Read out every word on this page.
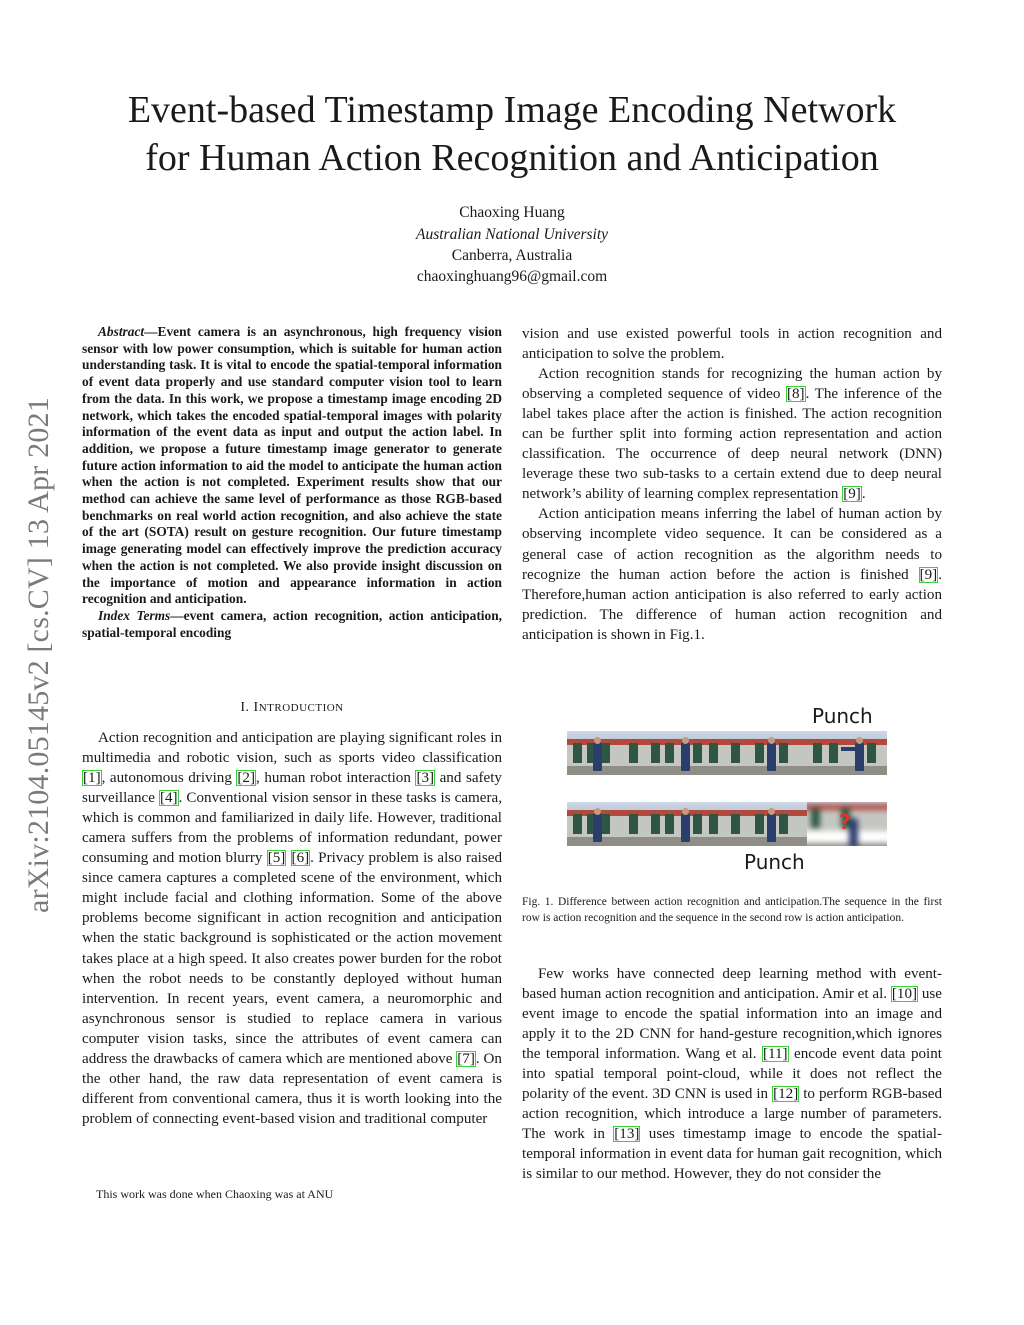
Event-based Timestamp Image Encoding Network
for Human Action Recognition and Anticipation
Chaoxing Huang
Australian National University
Canberra, Australia
chaoxinghuang96@gmail.com
arXiv:2104.05145v2 [cs.CV] 13 Apr 2021

Abstract—Event camera is an asynchronous, high frequency vision sensor with low power consumption, which is suitable for human action understanding task. It is vital to encode the spatial-temporal information of event data properly and use standard computer vision tool to learn from the data. In this work, we propose a timestamp image encoding 2D network, which takes the encoded spatial-temporal images with polarity information of the event data as input and output the action label. In addition, we propose a future timestamp image generator to generate future action information to aid the model to anticipate the human action when the action is not completed. Experiment results show that our method can achieve the same level of performance as those RGB-based benchmarks on real world action recognition, and also achieve the state of the art (SOTA) result on gesture recognition. Our future timestamp image generating model can effectively improve the prediction accuracy when the action is not completed. We also provide insight discussion on the importance of motion and appearance information in action recognition and anticipation.

Index Terms—event camera, action recognition, action anticipation, spatial-temporal encoding

I. INTRODUCTION

Action recognition and anticipation are playing significant roles in multimedia and robotic vision, such as sports video classification [1], autonomous driving [2], human robot interaction [3] and safety surveillance [4]. Conventional vision sensor in these tasks is camera, which is common and familiarized in daily life. However, traditional camera suffers from the problems of information redundant, power consuming and motion blurry [5] [6]. Privacy problem is also raised since camera captures a completed scene of the environment, which might include facial and clothing information. Some of the above problems become significant in action recognition and anticipation when the static background is sophisticated or the action movement takes place at a high speed. It also creates power burden for the robot when the robot needs to be constantly deployed without human intervention. In recent years, event camera, a neuromorphic and asynchronous sensor is studied to replace camera in various computer vision tasks, since the attributes of event camera can address the drawbacks of camera which are mentioned above [7]. On the other hand, the raw data representation of event camera is different from conventional camera, thus it is worth looking into the problem of connecting event-based vision and traditional computer

This work was done when Chaoxing was at ANU

vision and use existed powerful tools in action recognition and anticipation to solve the problem.

Action recognition stands for recognizing the human action by observing a completed sequence of video [8]. The inference of the label takes place after the action is finished. The action recognition can be further split into forming action representation and action classification. The occurrence of deep neural network (DNN) leverage these two sub-tasks to a certain extend due to deep neural network’s ability of learning complex representation [9].

Action anticipation means inferring the label of human action by observing incomplete video sequence. It can be considered as a general case of action recognition as the algorithm needs to recognize the human action before the action is finished [9]. Therefore,human action anticipation is also referred to early action prediction. The difference of human action recognition and anticipation is shown in Fig.1.

Punch
?
Punch
Fig. 1. Difference between action recognition and anticipation.The sequence in the first row is action recognition and the sequence in the second row is action anticipation.

Few works have connected deep learning method with event-based human action recognition and anticipation. Amir et al. [10] use event image to encode the spatial information into an image and apply it to the 2D CNN for hand-gesture recognition,which ignores the temporal information. Wang et al. [11] encode event data point into spatial temporal point-cloud, while it does not reflect the polarity of the event. 3D CNN is used in [12] to perform RGB-based action recognition, which introduce a large number of parameters. The work in [13] uses timestamp image to encode the spatial-temporal information in event data for human gait recognition, which is similar to our method. However, they do not consider the
